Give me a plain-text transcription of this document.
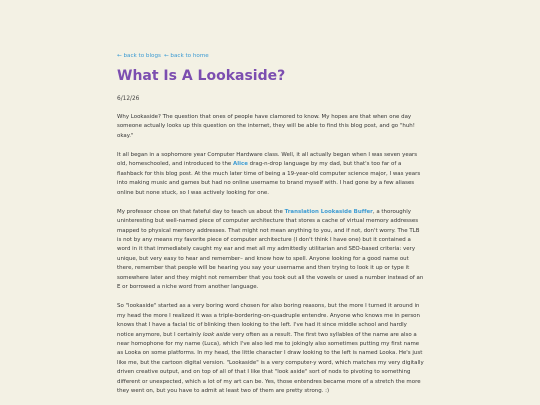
← back to blogs ← back to home
What Is A Lookaside?
6/12/26

Why Lookaside? The question that ones of people have clamored to know. My hopes are that when one day someone actually looks up this question on the internet, they will be able to find this blog post, and go "huh! okay."

It all began in a sophomore year Computer Hardware class. Well, it all actually began when I was seven years old, homeschooled, and introduced to the Alice drag-n-drop language by my dad, but that's too far of a flashback for this blog post. At the much later time of being a 19-year-old computer science major, I was years into making music and games but had no online username to brand myself with. I had gone by a few aliases online but none stuck, so I was actively looking for one.

My professor chose on that fateful day to teach us about the Translation Lookaside Buffer, a thoroughly uninteresting but well-named piece of computer architecture that stores a cache of virtual memory addresses mapped to physical memory addresses. That might not mean anything to you, and if not, don't worry. The TLB is not by any means my favorite piece of computer architecture (I don't think I have one) but it contained a word in it that immediately caught my ear and met all my admittedly utilitarian and SEO-based criteria: very unique, but very easy to hear and remember– and know how to spell. Anyone looking for a good name out there, remember that people will be hearing you say your username and then trying to look it up or type it somewhere later and they might not remember that you took out all the vowels or used a number instead of an E or borrowed a niche word from another language.

So "lookaside" started as a very boring word chosen for also boring reasons, but the more I turned it around in my head the more I realized it was a triple-bordering-on-quadruple entendre. Anyone who knows me in person knows that I have a facial tic of blinking then looking to the left. I've had it since middle school and hardly notice anymore, but I certainly look aside very often as a result. The first two syllables of the name are also a near homophone for my name (Luca), which I've also led me to jokingly also sometimes putting my first name as Looka on some platforms. In my head, the little character I draw looking to the left is named Looka. He's just like me, but the cartoon digital version. "Lookaside" is a very computer-y word, which matches my very digitally driven creative output, and on top of all of that I like that "look aside" sort of nods to pivoting to something different or unexpected, which a lot of my art can be. Yes, those entendres became more of a stretch the more they went on, but you have to admit at least two of them are pretty strong. :)
